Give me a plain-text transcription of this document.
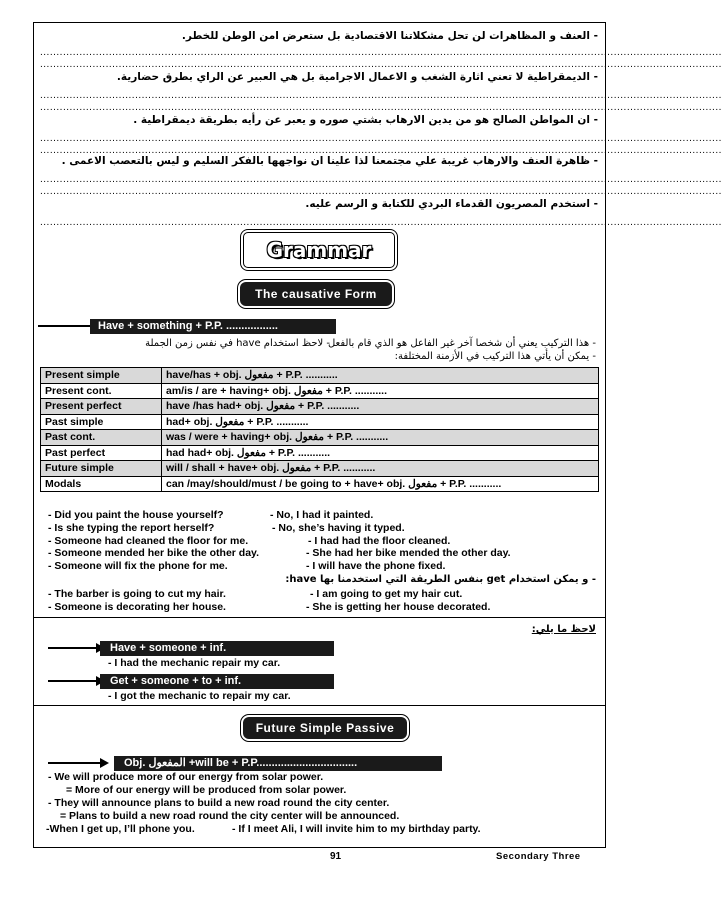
- العنف و المظاهرات لن تحل مشكلاتنا الاقتصادية بل ستعرض امن الوطن للخطر.
................................................................................................................................................................................................................
................................................................................................................................................................................................................
- الديمقراطية لا تعني اثارة الشغب و الاعمال الاجرامية بل هي العبير عن الراي بطرق حضارية.
................................................................................................................................................................................................................
................................................................................................................................................................................................................
- ان المواطن الصالح هو من يدين الارهاب بشتي صوره و يعبر عن رأيه بطريقة ديمقراطية .
................................................................................................................................................................................................................
................................................................................................................................................................................................................
- ظاهرة العنف والارهاب غريبة علي مجتمعنا لذا علينا ان نواجهها بالفكر السليم و ليس بالتعصب الاعمى .
................................................................................................................................................................................................................
................................................................................................................................................................................................................
- استخدم المصريون القدماء البردي للكتابة و الرسم عليه.
................................................................................................................................................................................................................
Grammar
The causative Form
Have + something + P.P. .................
- هذا التركيب يعني أن شخصا آخر غير الفاعل هو الذي قام بالفعل
- لاحظ استخدام have في نفس زمن الجملة
- يمكن أن يأتي هذا التركيب في الأزمنة المختلفة:
Present simple	have/has + obj. مفعول + P.P. ...........
Present cont.	am/is / are + having+ obj. مفعول + P.P. ...........
Present perfect	have /has had+ obj. مفعول + P.P. ...........
Past simple	had+ obj. مفعول + P.P. ...........
Past cont.	was / were + having+ obj. مفعول + P.P. ...........
Past perfect	had had+ obj. مفعول + P.P. ...........
Future simple	will / shall + have+ obj. مفعول + P.P. ...........
Modals	can /may/should/must / be going to + have+ obj. مفعول + P.P. ...........
- Did you paint the house yourself?	- No, I had it painted.
- Is she typing the report herself?	- No, she’s having it typed.
- Someone had cleaned the floor for me.	- I had had the floor cleaned.
- Someone mended her bike the other day.	- She had her bike mended the other day.
- Someone will fix the phone for me.	- I will have the phone fixed.
- و يمكن استخدام get بنفس الطريقة التي استخدمنا بها have:
- The barber is going to cut my hair.	- I am going to get my hair cut.
- Someone is decorating her house.	- She is getting her house decorated.
لاحظ ما يلي:
Have + someone + inf.
- I had the mechanic repair my car.
Get + someone + to + inf.
- I got the mechanic to repair my car.
Future Simple Passive
Obj. المفعول +will be + P.P.................................
- We will produce more of our energy from solar power.
= More of our energy will be produced from solar power.
- They will announce plans to build a new road round the city center.
= Plans to build a new road round the city center will be announced.
-When I get up, I’ll phone you.	- If I meet Ali, I will invite him to my birthday party.
91	Secondary Three
